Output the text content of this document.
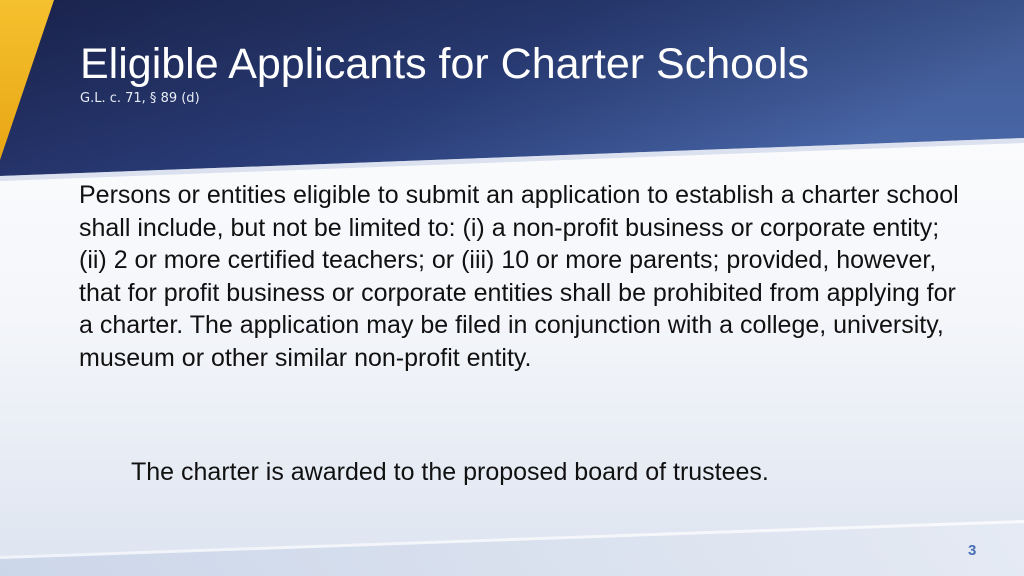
Eligible Applicants for Charter Schools
G.L. c. 71, § 89 (d)

Persons or entities eligible to submit an application to establish a charter school shall include, but not be limited to: (i) a non-profit business or corporate entity; (ii) 2 or more certified teachers; or (iii) 10 or more parents; provided, however, that for profit business or corporate entities shall be prohibited from applying for a charter. The application may be filed in conjunction with a college, university, museum or other similar non-profit entity.

The charter is awarded to the proposed board of trustees.

3
